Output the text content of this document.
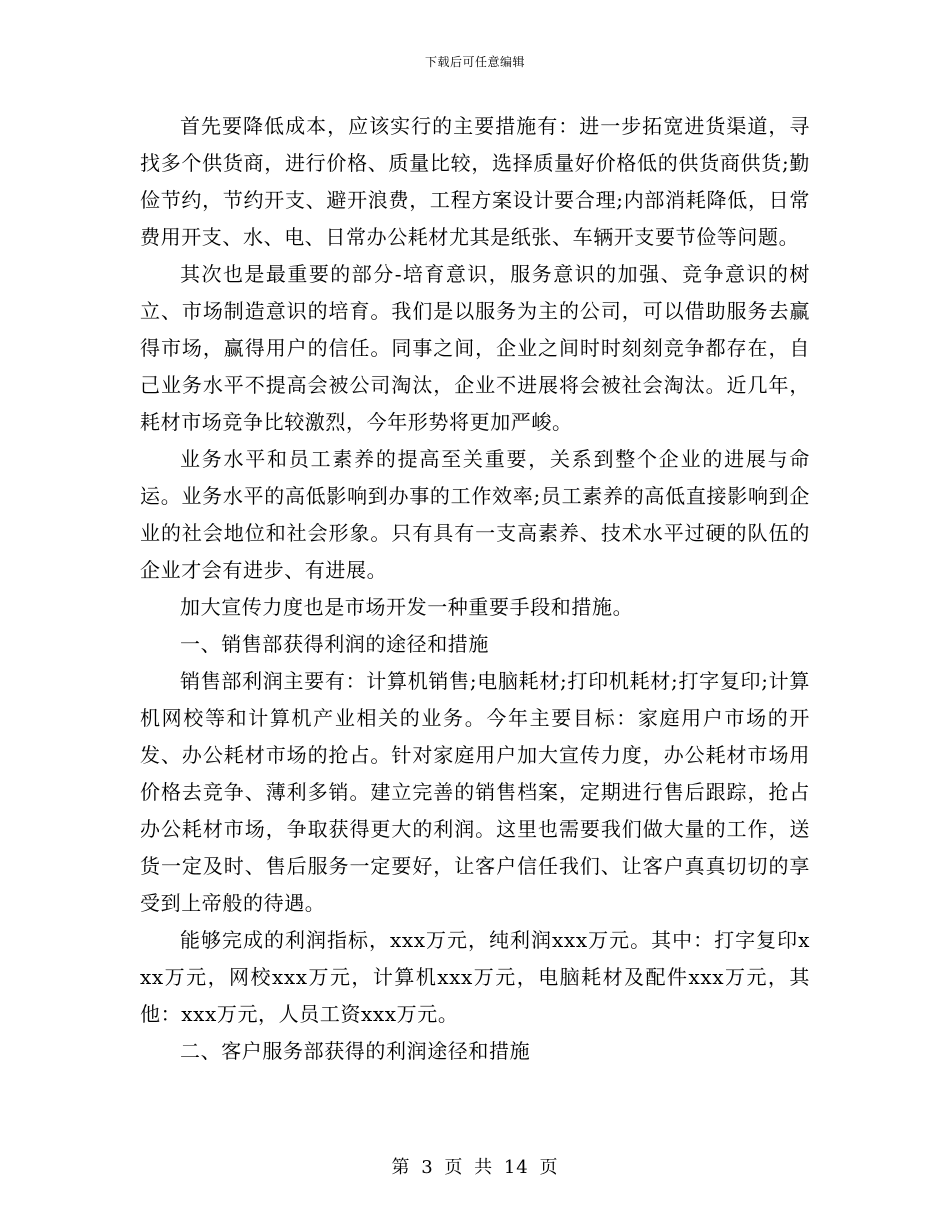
下载后可任意编辑

首先要降低成本，应该实行的主要措施有：进一步拓宽进货渠道，寻找多个供货商，进行价格、质量比较，选择质量好价格低的供货商供货;勤俭节约，节约开支、避开浪费，工程方案设计要合理;内部消耗降低，日常费用开支、水、电、日常办公耗材尤其是纸张、车辆开支要节俭等问题。

其次也是最重要的部分-培育意识，服务意识的加强、竞争意识的树立、市场制造意识的培育。我们是以服务为主的公司，可以借助服务去赢得市场，赢得用户的信任。同事之间，企业之间时时刻刻竞争都存在，自己业务水平不提高会被公司淘汰，企业不进展将会被社会淘汰。近几年，耗材市场竞争比较激烈，今年形势将更加严峻。

业务水平和员工素养的提高至关重要，关系到整个企业的进展与命运。业务水平的高低影响到办事的工作效率;员工素养的高低直接影响到企业的社会地位和社会形象。只有具有一支高素养、技术水平过硬的队伍的企业才会有进步、有进展。

加大宣传力度也是市场开发一种重要手段和措施。

一、销售部获得利润的途径和措施

销售部利润主要有：计算机销售;电脑耗材;打印机耗材;打字复印;计算机网校等和计算机产业相关的业务。今年主要目标：家庭用户市场的开发、办公耗材市场的抢占。针对家庭用户加大宣传力度，办公耗材市场用价格去竞争、薄利多销。建立完善的销售档案，定期进行售后跟踪，抢占办公耗材市场，争取获得更大的利润。这里也需要我们做大量的工作，送货一定及时、售后服务一定要好，让客户信任我们、让客户真真切切的享受到上帝般的待遇。

能够完成的利润指标，xxx万元，纯利润xxx万元。其中：打字复印xxx万元，网校xxx万元，计算机xxx万元，电脑耗材及配件xxx万元，其他：xxx万元，人员工资xxx万元。

二、客户服务部获得的利润途径和措施

第 3 页 共 14 页
